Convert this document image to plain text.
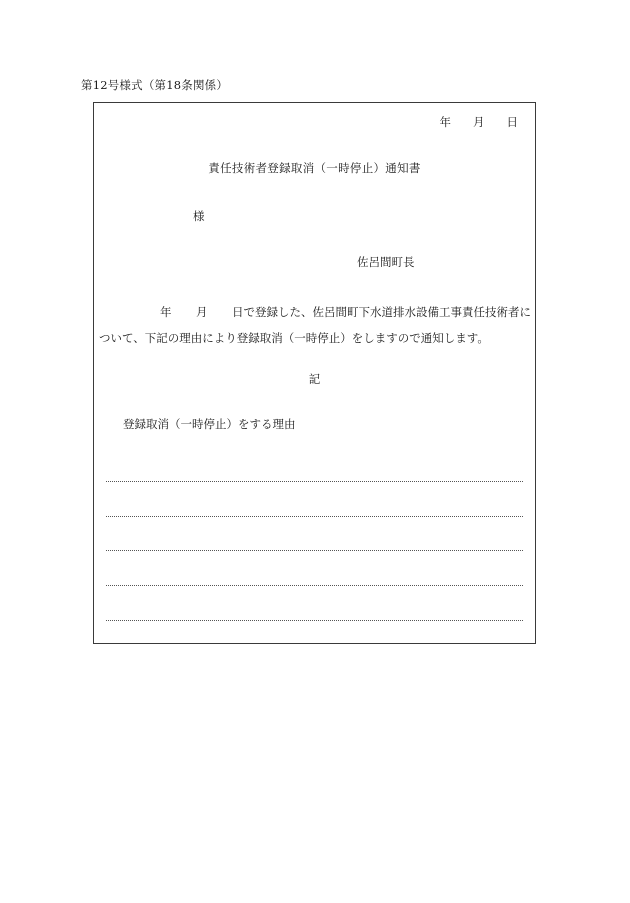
第12号様式（第18条関係）
年 月 日
責任技術者登録取消（一時停止）通知書
様
佐呂間町長
年 月 日で登録した、佐呂間町下水道排水設備工事責任技術者に
ついて、下記の理由により登録取消（一時停止）をしますので通知します。
記
登録取消（一時停止）をする理由
